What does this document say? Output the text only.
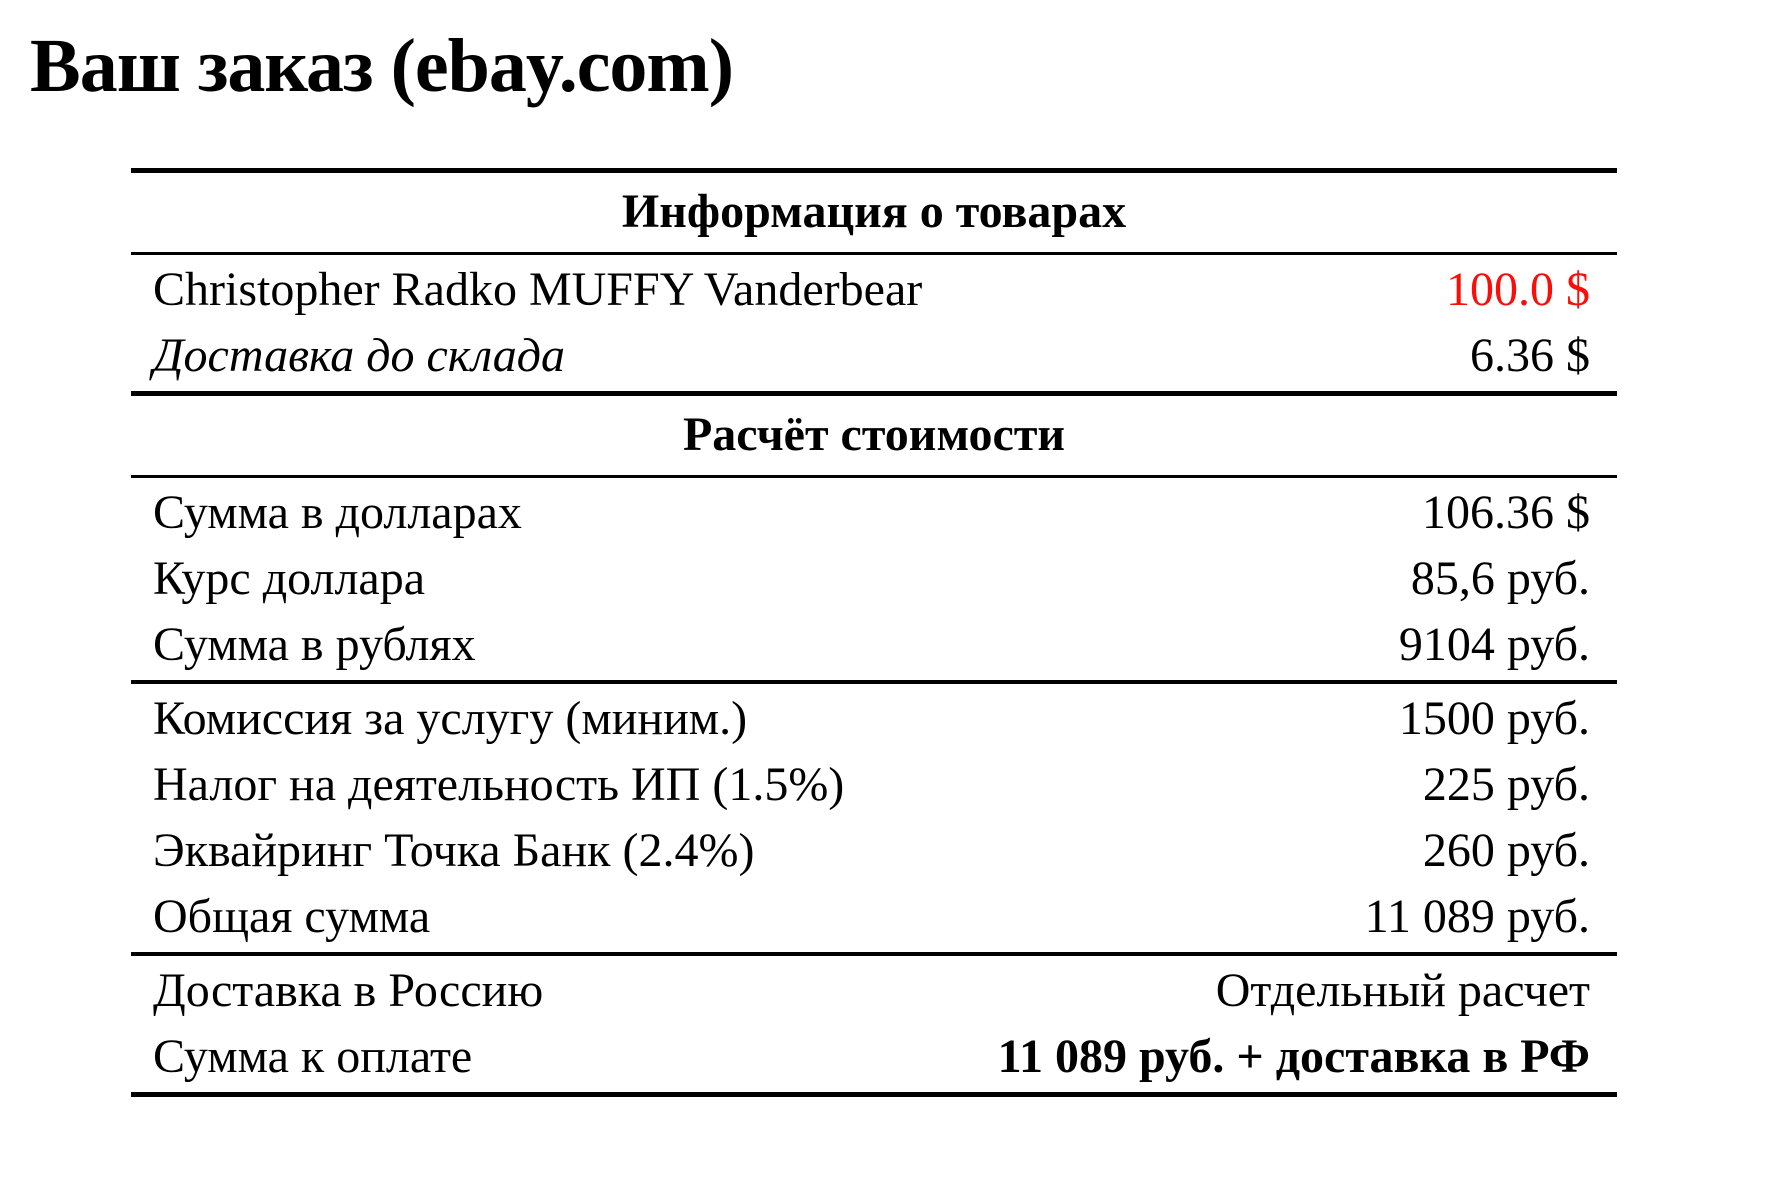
Ваш заказ (ebay.com)
Информация о товарах
Christopher Radko MUFFY Vanderbear	100.0 $
Доставка до склада	6.36 $
Расчёт стоимости
Сумма в долларах	106.36 $
Курс доллара	85,6 руб.
Сумма в рублях	9104 руб.
Комиссия за услугу (миним.)	1500 руб.
Налог на деятельность ИП (1.5%)	225 руб.
Эквайринг Точка Банк (2.4%)	260 руб.
Общая сумма	11 089 руб.
Доставка в Россию	Отдельный расчет
Сумма к оплате	11 089 руб. + доставка в РФ
